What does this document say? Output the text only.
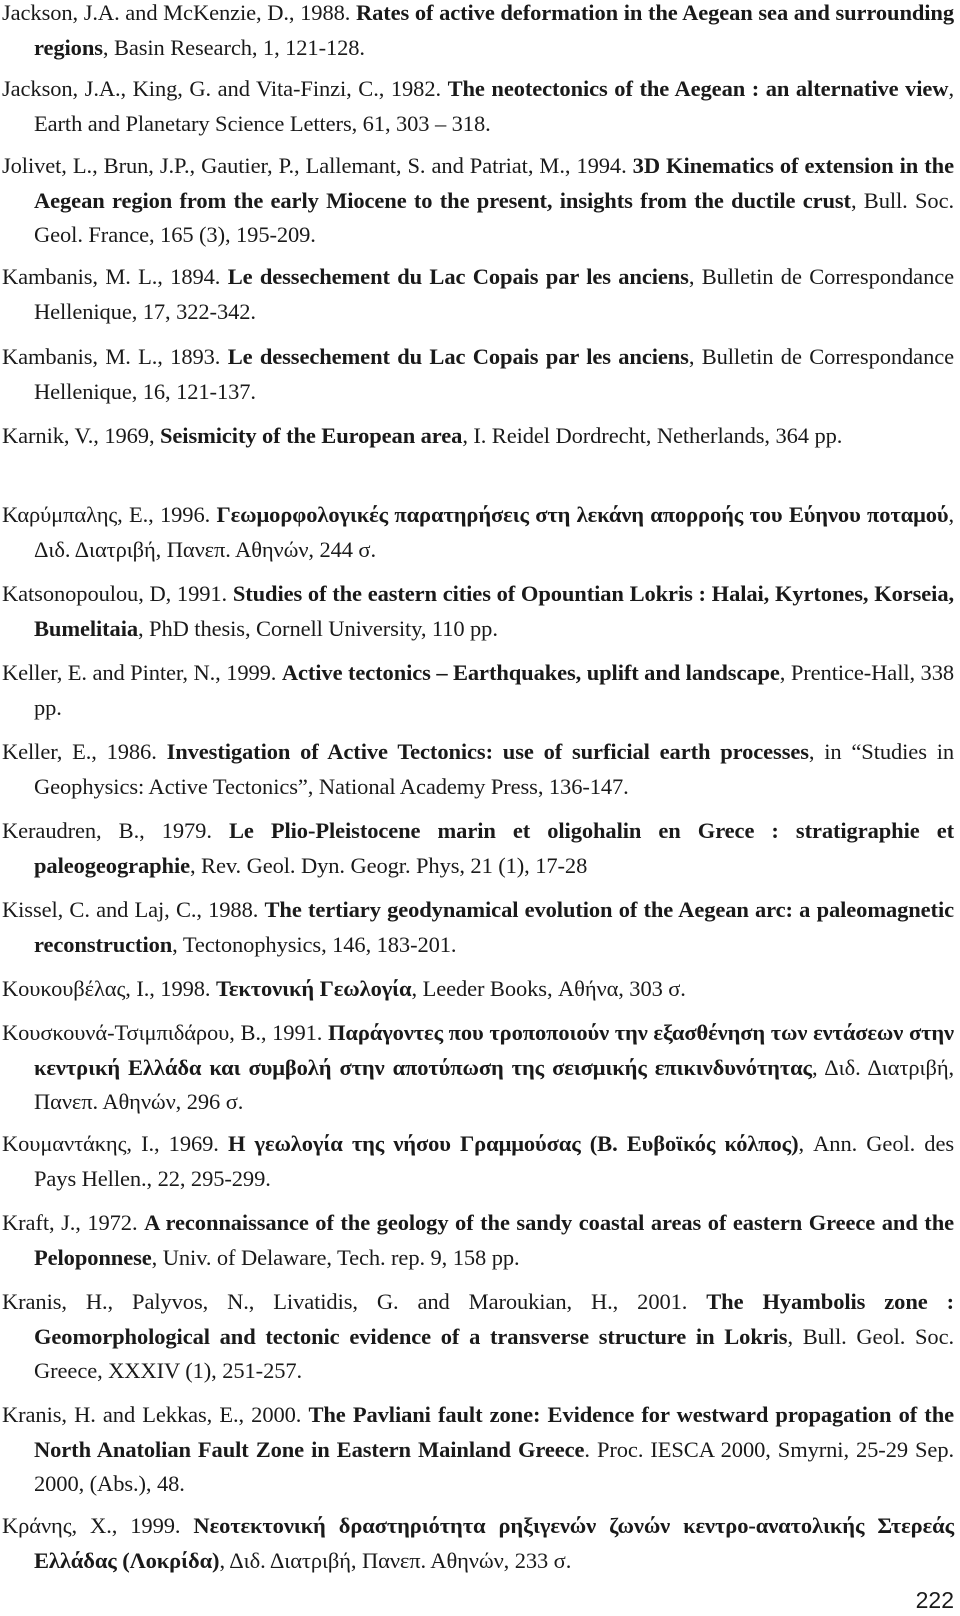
Jackson, J.A. and McKenzie, D., 1988. Rates of active deformation in the Aegean sea and surrounding regions, Basin Research, 1, 121-128.

Jackson, J.A., King, G. and Vita-Finzi, C., 1982. The neotectonics of the Aegean : an alternative view, Earth and Planetary Science Letters, 61, 303 – 318.

Jolivet, L., Brun, J.P., Gautier, P., Lallemant, S. and Patriat, M., 1994. 3D Kinematics of extension in the Aegean region from the early Miocene to the present, insights from the ductile crust, Bull. Soc. Geol. France, 165 (3), 195-209.

Kambanis, M. L., 1894. Le dessechement du Lac Copais par les anciens, Bulletin de Correspondance Hellenique, 17, 322-342.

Kambanis, M. L., 1893. Le dessechement du Lac Copais par les anciens, Bulletin de Correspondance Hellenique, 16, 121-137.

Karnik, V., 1969, Seismicity of the European area, I. Reidel Dordrecht, Netherlands, 364 pp.

Καρύμπαλης, Ε., 1996. Γεωμορφολογικές παρατηρήσεις στη λεκάνη απορροής του Εύηνου ποταμού, Διδ. Διατριβή, Πανεπ. Αθηνών, 244 σ.

Katsonopoulou, D, 1991. Studies of the eastern cities of Opountian Lokris : Halai, Kyrtones, Korseia, Bumelitaia, PhD thesis, Cornell University, 110 pp.

Keller, E. and Pinter, N., 1999. Active tectonics – Earthquakes, uplift and landscape, Prentice-Hall, 338 pp.

Keller, E., 1986. Investigation of Active Tectonics: use of surficial earth processes, in “Studies in Geophysics: Active Tectonics”, National Academy Press, 136-147.

Keraudren, B., 1979. Le Plio-Pleistocene marin et oligohalin en Grece : stratigraphie et paleogeographie, Rev. Geol. Dyn. Geogr. Phys, 21 (1), 17-28

Kissel, C. and Laj, C., 1988. The tertiary geodynamical evolution of the Aegean arc: a paleomagnetic reconstruction, Tectonophysics, 146, 183-201.

Κουκουβέλας, Ι., 1998. Τεκτονική Γεωλογία, Leeder Books, Αθήνα, 303 σ.

Κουσκουνά-Τσιμπιδάρου, Β., 1991. Παράγοντες που τροποποιούν την εξασθένηση των εντάσεων στην κεντρική Ελλάδα και συμβολή στην αποτύπωση της σεισμικής επικινδυνότητας, Διδ. Διατριβή, Πανεπ. Αθηνών, 296 σ.

Κουμαντάκης, Ι., 1969. Η γεωλογία της νήσου Γραμμούσας (Β. Ευβοϊκός κόλπος), Ann. Geol. des Pays Hellen., 22, 295-299.

Kraft, J., 1972. A reconnaissance of the geology of the sandy coastal areas of eastern Greece and the Peloponnese, Univ. of Delaware, Tech. rep. 9, 158 pp.

Kranis, H., Palyvos, N., Livatidis, G. and Maroukian, H., 2001. The Hyambolis zone : Geomorphological and tectonic evidence of a transverse structure in Lokris, Bull. Geol. Soc. Greece, XXXIV (1), 251-257.

Kranis, H. and Lekkas, E., 2000. The Pavliani fault zone: Evidence for westward propagation of the North Anatolian Fault Zone in Eastern Mainland Greece. Proc. IESCA 2000, Smyrni, 25-29 Sep. 2000, (Abs.), 48.

Κράνης, Χ., 1999. Νεοτεκτονική δραστηριότητα ρηξιγενών ζωνών κεντρο-ανατολικής Στερεάς Ελλάδας (Λοκρίδα), Διδ. Διατριβή, Πανεπ. Αθηνών, 233 σ.

222
